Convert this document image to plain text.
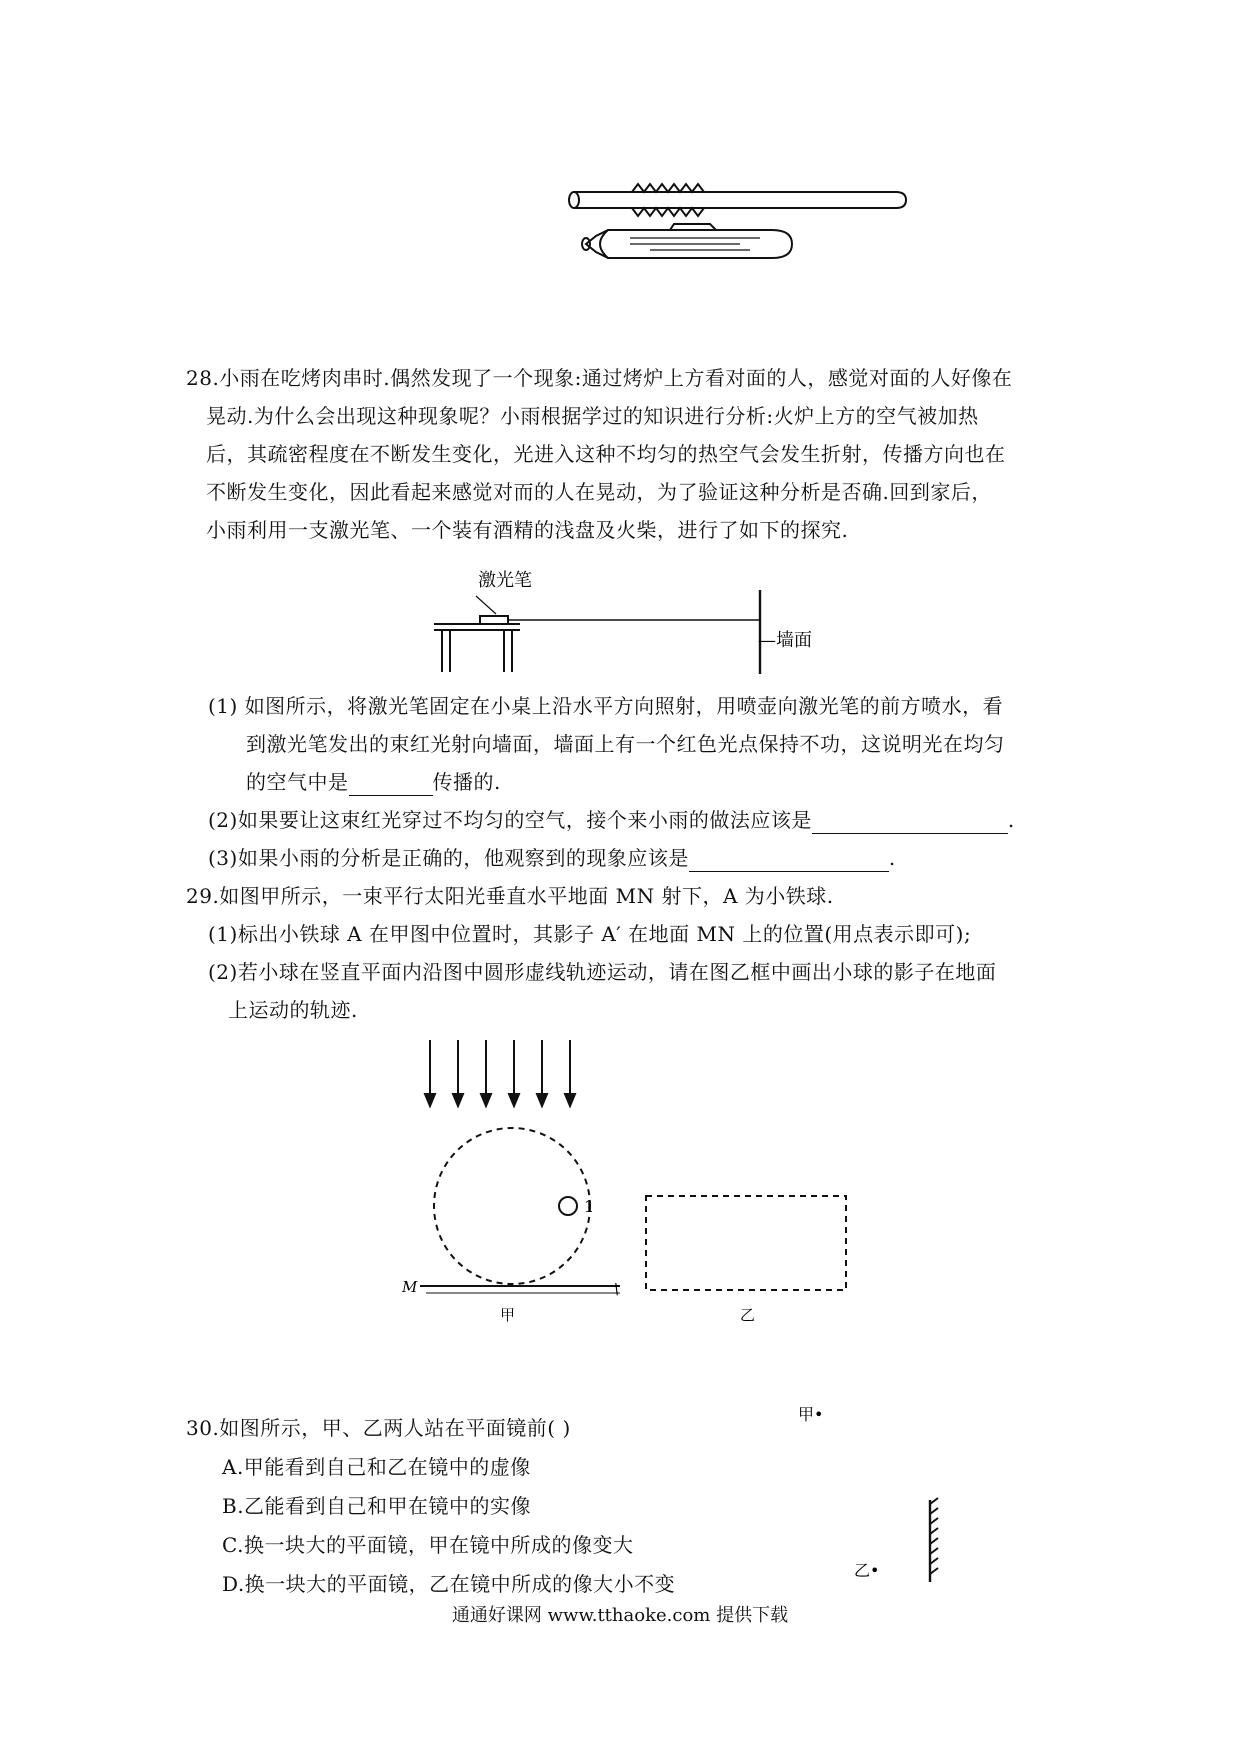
28.小雨在吃烤肉串时.偶然发现了一个现象:通过烤炉上方看对面的人，感觉对面的人好像在
晃动.为什么会出现这种现象呢？小雨根据学过的知识进行分析:火炉上方的空气被加热
后，其疏密程度在不断发生变化，光进入这种不均匀的热空气会发生折射，传播方向也在
不断发生变化，因此看起来感觉对而的人在晃动，为了验证这种分析是否确.回到家后，
小雨利用一支激光笔、一个装有酒精的浅盘及火柴，进行了如下的探究.
激光笔
—墙面
(1) 如图所示，将激光笔固定在小桌上沿水平方向照射，用喷壶向激光笔的前方喷水，看
到激光笔发出的束红光射向墙面，墙面上有一个红色光点保持不功，这说明光在均匀
的空气中是	传播的.
(2)如果要让这束红光穿过不均匀的空气，接个来小雨的做法应该是	.
(3)如果小雨的分析是正确的，他观察到的现象应该是	.
29.如图甲所示，一束平行太阳光垂直水平地面 MN 射下，A 为小铁球.
(1)标出小铁球 A 在甲图中位置时，其影子 A′ 在地面 MN 上的位置(用点表示即可);
(2)若小球在竖直平面内沿图中圆形虚线轨迹运动，请在图乙框中画出小球的影子在地面
上运动的轨迹.
1
M	\
甲	乙
30.如图所示，甲、乙两人站在平面镜前( )
A.甲能看到自己和乙在镜中的虚像
B.乙能看到自己和甲在镜中的实像
C.换一块大的平面镜，甲在镜中所成的像变大
D.换一块大的平面镜，乙在镜中所成的像大小不变
甲•
乙•
通通好课网 www.tthaoke.com 提供下载
